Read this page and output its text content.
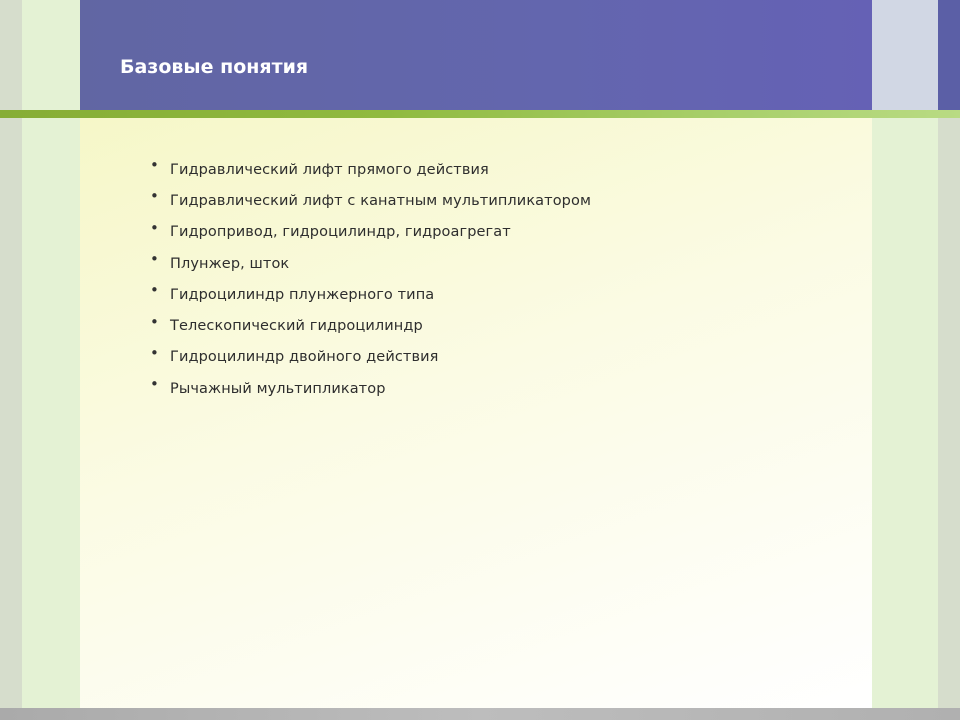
Базовые понятия
• Гидравлический лифт прямого действия
• Гидравлический лифт с канатным мультипликатором
• Гидропривод, гидроцилиндр, гидроагрегат
• Плунжер, шток
• Гидроцилиндр плунжерного типа
• Телескопический гидроцилиндр
• Гидроцилиндр двойного действия
• Рычажный мультипликатор
